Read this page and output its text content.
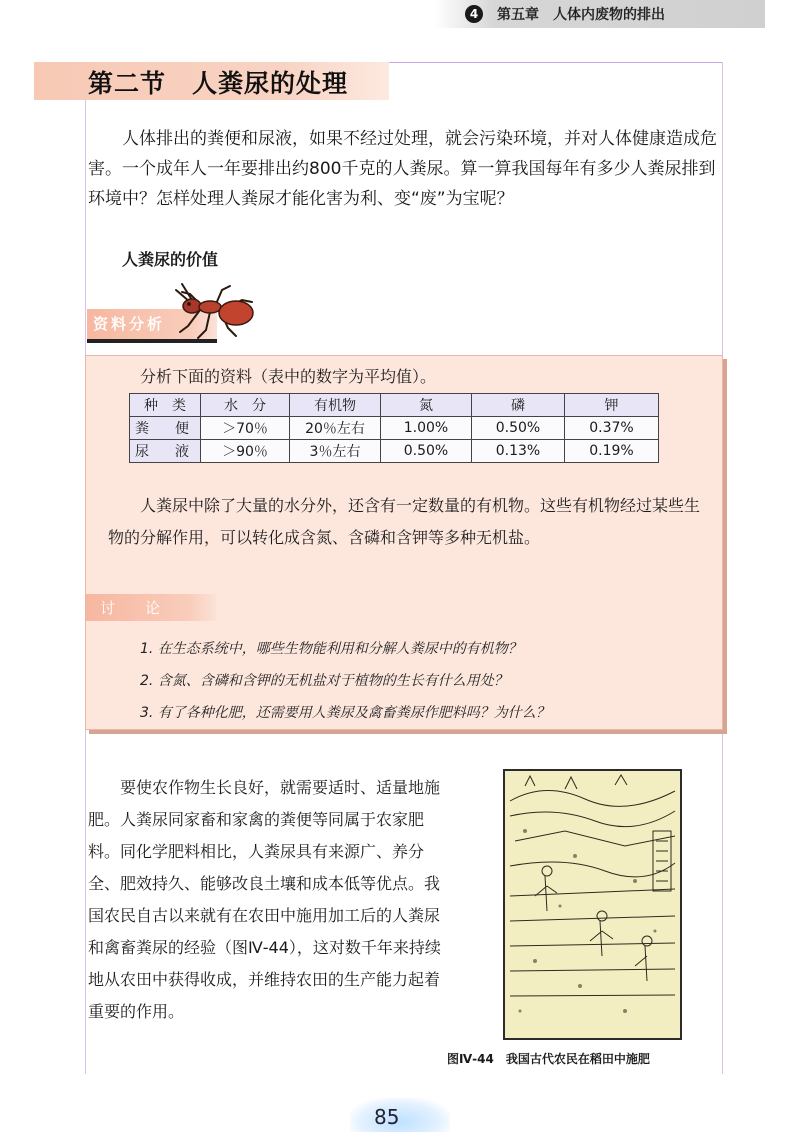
4	第五章 人体内废物的排出
第二节　人粪尿的处理

人体排出的粪便和尿液，如果不经过处理，就会污染环境，并对人体健康造成危害。一个成年人一年要排出约800千克的人粪尿。算一算我国每年有多少人粪尿排到环境中？怎样处理人粪尿才能化害为利、变“废”为宝呢？

人粪尿的价值
资料分析
分析下面的资料（表中的数字为平均值）。
种　类	水　分	有机物	氮	磷	钾
粪　便	＞70％	20％左右	1.00%	0.50%	0.37%
尿　液	＞90％	3％左右	0.50%	0.13%	0.19%

人粪尿中除了大量的水分外，还含有一定数量的有机物。这些有机物经过某些生物的分解作用，可以转化成含氮、含磷和含钾等多种无机盐。

讨论
1. 在生态系统中，哪些生物能利用和分解人粪尿中的有机物？
2. 含氮、含磷和含钾的无机盐对于植物的生长有什么用处？
3. 有了各种化肥，还需要用人粪尿及禽畜粪尿作肥料吗？为什么？

要使农作物生长良好，就需要适时、适量地施肥。人粪尿同家畜和家禽的粪便等同属于农家肥料。同化学肥料相比，人粪尿具有来源广、养分全、肥效持久、能够改良土壤和成本低等优点。我国农民自古以来就有在农田中施用加工后的人粪尿和禽畜粪尿的经验（图Ⅳ-44），这对数千年来持续地从农田中获得收成，并维持农田的生产能力起着重要的作用。

图Ⅳ-44　我国古代农民在稻田中施肥
85
